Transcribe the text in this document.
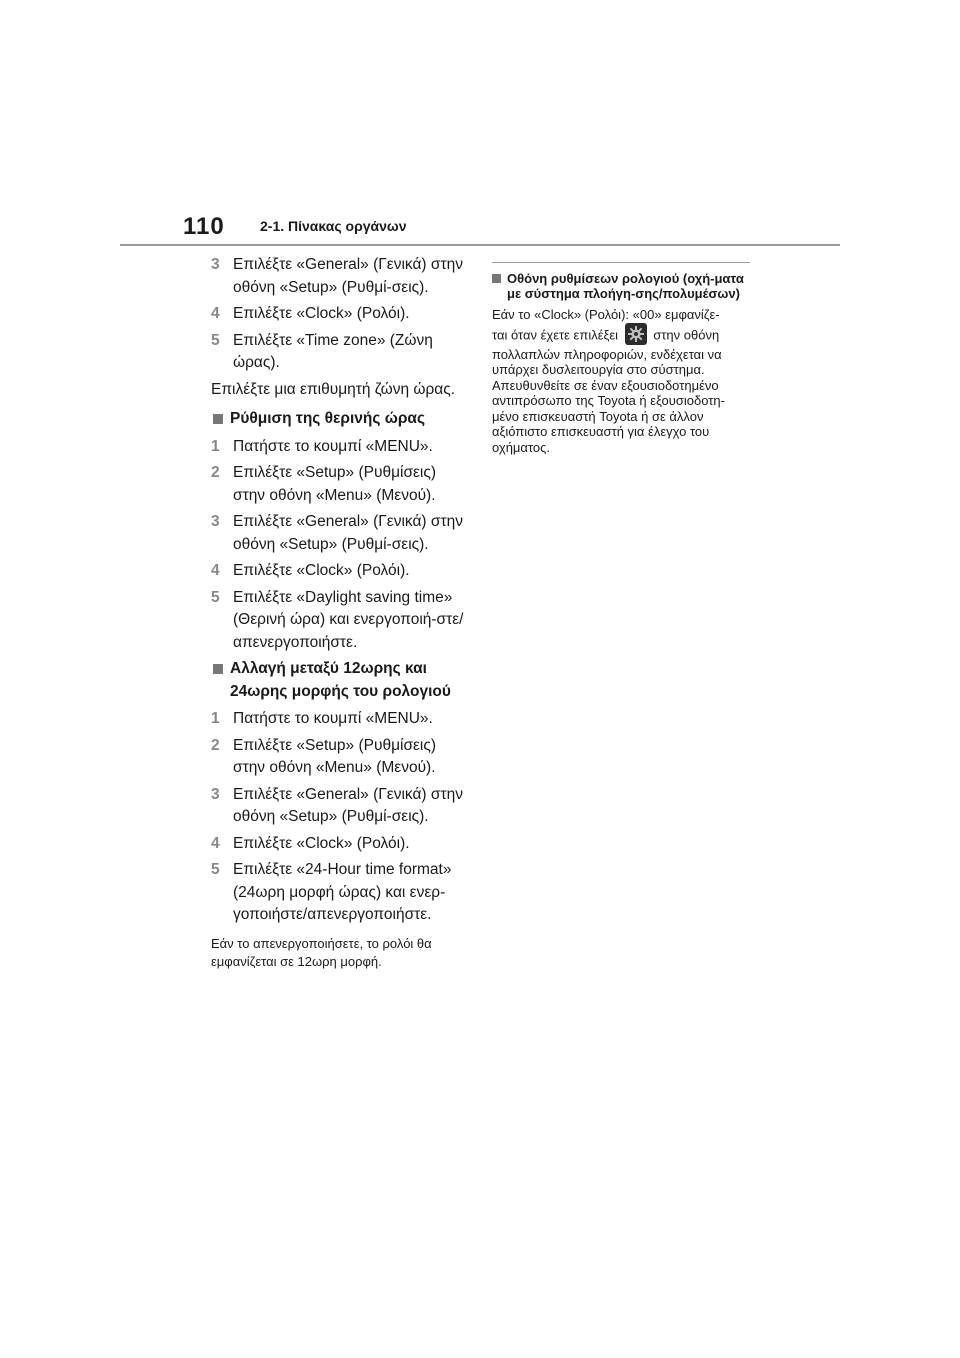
110	2-1. Πίνακας οργάνων
3 Επιλέξτε «General» (Γενικά) στην οθόνη «Setup» (Ρυθμί-σεις).
4 Επιλέξτε «Clock» (Ρολόι).
5 Επιλέξτε «Time zone» (Ζώνη ώρας).
Επιλέξτε μια επιθυμητή ζώνη ώρας.
Ρύθμιση της θερινής ώρας
1 Πατήστε το κουμπί «MENU».
2 Επιλέξτε «Setup» (Ρυθμίσεις) στην οθόνη «Menu» (Μενού).
3 Επιλέξτε «General» (Γενικά) στην οθόνη «Setup» (Ρυθμί-σεις).
4 Επιλέξτε «Clock» (Ρολόι).
5 Επιλέξτε «Daylight saving time» (Θερινή ώρα) και ενεργοποιή-στε/απενεργοποιήστε.
Αλλαγή μεταξύ 12ωρης και 24ωρης μορφής του ρολογιού
1 Πατήστε το κουμπί «MENU».
2 Επιλέξτε «Setup» (Ρυθμίσεις) στην οθόνη «Menu» (Μενού).
3 Επιλέξτε «General» (Γενικά) στην οθόνη «Setup» (Ρυθμί-σεις).
4 Επιλέξτε «Clock» (Ρολόι).
5 Επιλέξτε «24-Hour time format» (24ωρη μορφή ώρας) και ενερ-γοποιήστε/απενεργοποιήστε.
Εάν το απενεργοποιήσετε, το ρολόι θα εμφανίζεται σε 12ωρη μορφή.
Οθόνη ρυθμίσεων ρολογιού (οχή-ματα με σύστημα πλοήγη-σης/πολυμέσων)
Εάν το «Clock» (Ρολόι): «00» εμφανίζε-
ται όταν έχετε επιλέξει	στην οθόνη
πολλαπλών πληροφοριών, ενδέχεται να υπάρχει δυσλειτουργία στο σύστημα. Απευθυνθείτε σε έναν εξουσιοδοτημένο αντιπρόσωπο της Toyota ή εξουσιοδοτη-μένο επισκευαστή Toyota ή σε άλλον αξιόπιστο επισκευαστή για έλεγχο του οχήματος.
